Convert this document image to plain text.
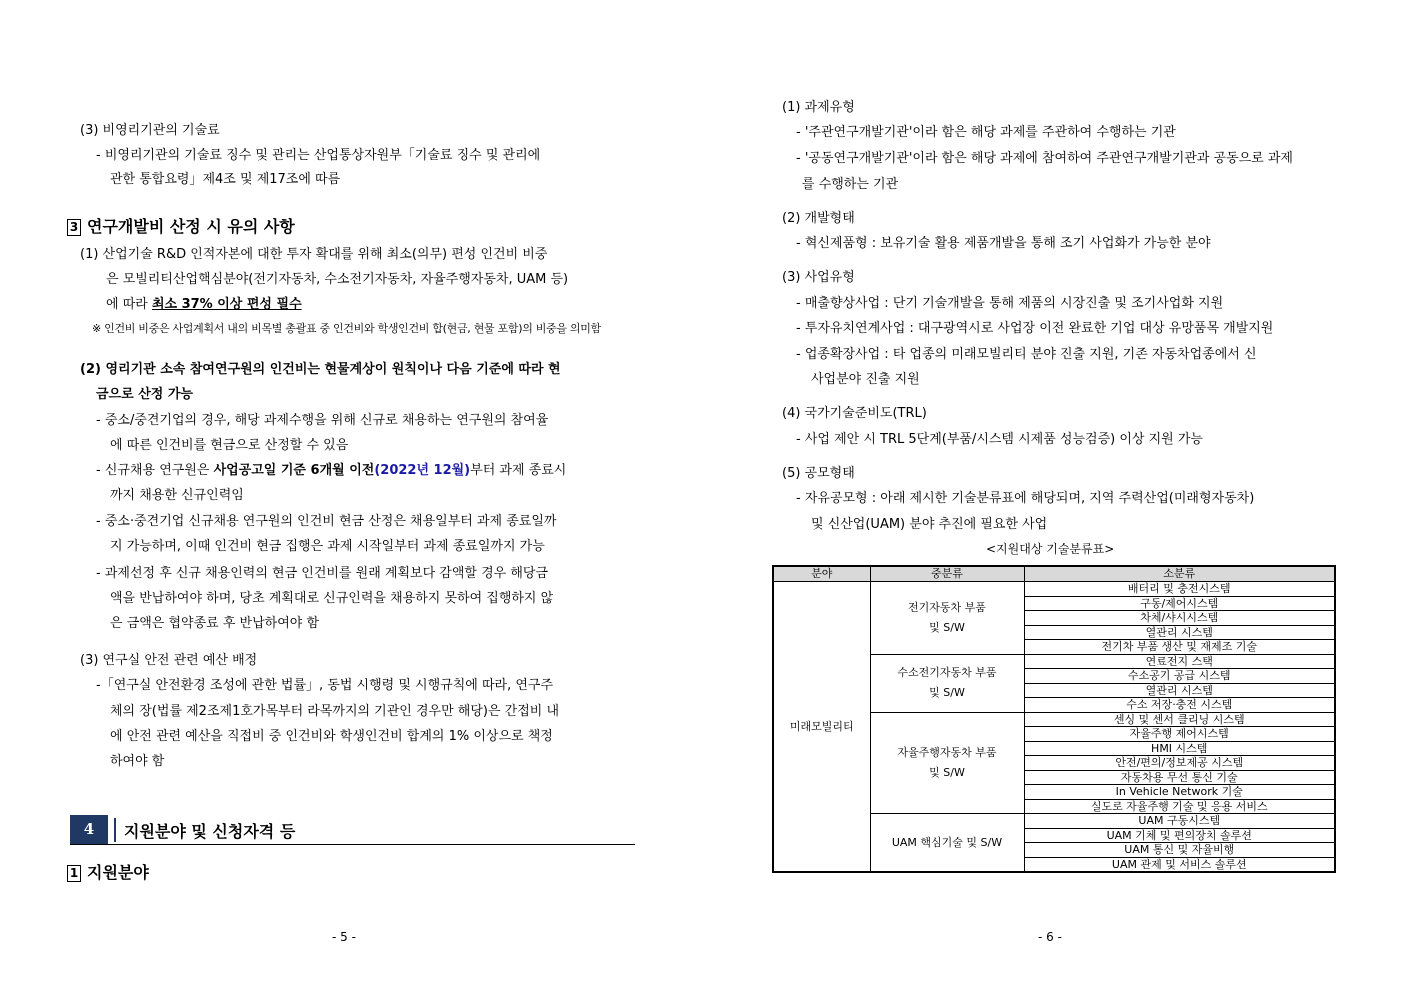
(3) 비영리기관의 기술료
- 비영리기관의 기술료 징수 및 관리는 산업통상자원부「기술료 징수 및 관리에
관한 통합요령」제4조 및 제17조에 따름
3 연구개발비 산정 시 유의 사항
(1) 산업기술 R&D 인적자본에 대한 투자 확대를 위해 최소(의무) 편성 인건비 비중
은 모빌리티산업핵심분야(전기자동차, 수소전기자동차, 자율주행자동차, UAM 등)
에 따라 최소 37% 이상 편성 필수
※ 인건비 비중은 사업계획서 내의 비목별 총괄표 중 인건비와 학생인건비 합(현금, 현물 포함)의 비중을 의미함
(2) 영리기관 소속 참여연구원의 인건비는 현물계상이 원칙이나 다음 기준에 따라 현
금으로 산정 가능
- 중소/중견기업의 경우, 해당 과제수행을 위해 신규로 채용하는 연구원의 참여율
에 따른 인건비를 현금으로 산정할 수 있음
- 신규채용 연구원은 사업공고일 기준 6개월 이전(2022년 12월)부터 과제 종료시
까지 채용한 신규인력임
- 중소·중견기업 신규채용 연구원의 인건비 현금 산정은 채용일부터 과제 종료일까
지 가능하며, 이때 인건비 현금 집행은 과제 시작일부터 과제 종료일까지 가능
- 과제선정 후 신규 채용인력의 현금 인건비를 원래 계획보다 감액할 경우 해당금
액을 반납하여야 하며, 당초 계획대로 신규인력을 채용하지 못하여 집행하지 않
은 금액은 협약종료 후 반납하여야 함
(3) 연구실 안전 관련 예산 배정
-「연구실 안전환경 조성에 관한 법률」, 동법 시행령 및 시행규칙에 따라, 연구주
체의 장(법률 제2조제1호가목부터 라목까지의 기관인 경우만 해당)은 간접비 내
에 안전 관련 예산을 직접비 중 인건비와 학생인건비 합계의 1% 이상으로 책정
하여야 함
4	지원분야 및 신청자격 등
1 지원분야
- 5 -
(1) 과제유형
- '주관연구개발기관'이라 함은 해당 과제를 주관하여 수행하는 기관
- '공동연구개발기관'이라 함은 해당 과제에 참여하여 주관연구개발기관과 공동으로 과제
를 수행하는 기관
(2) 개발형태
- 혁신제품형 : 보유기술 활용 제품개발을 통해 조기 사업화가 가능한 분야
(3) 사업유형
- 매출향상사업 : 단기 기술개발을 통해 제품의 시장진출 및 조기사업화 지원
- 투자유치연계사업 : 대구광역시로 사업장 이전 완료한 기업 대상 유망품목 개발지원
- 업종확장사업 : 타 업종의 미래모빌리티 분야 진출 지원, 기존 자동차업종에서 신
사업분야 진출 지원
(4) 국가기술준비도(TRL)
- 사업 제안 시 TRL 5단계(부품/시스템 시제품 성능검증) 이상 지원 가능
(5) 공모형태
- 자유공모형 : 아래 제시한 기술분류표에 해당되며, 지역 주력산업(미래형자동차)
및 신산업(UAM) 분야 추진에 필요한 사업
<지원대상 기술분류표>
- 6 -
분야	중분류	소분류
미래모빌리티	전기자동차 부품
및 S/W	배터리 및 충전시스템
		구동/제어시스템
		차체/샤시시스템
		열관리 시스템
		전기차 부품 생산 및 재제조 기술

	수소전기자동차 부품
및 S/W	연료전지 스택
		수소공기 공급 시스템
		열관리 시스템
		수소 저장·충전 시스템

	자율주행자동차 부품
및 S/W	센싱 및 센서 클리닝 시스템
		자율주행 제어시스템
		HMI 시스템
		안전/편의/정보제공 시스템
		자동차용 무선 통신 기술
		In Vehicle Network 기술
		실도로 자율주행 기술 및 응용 서비스

	UAM 핵심기술 및 S/W	UAM 구동시스템
		UAM 기체 및 편의장치 솔루션
		UAM 통신 및 자율비행
		UAM 관제 및 서비스 솔루션
